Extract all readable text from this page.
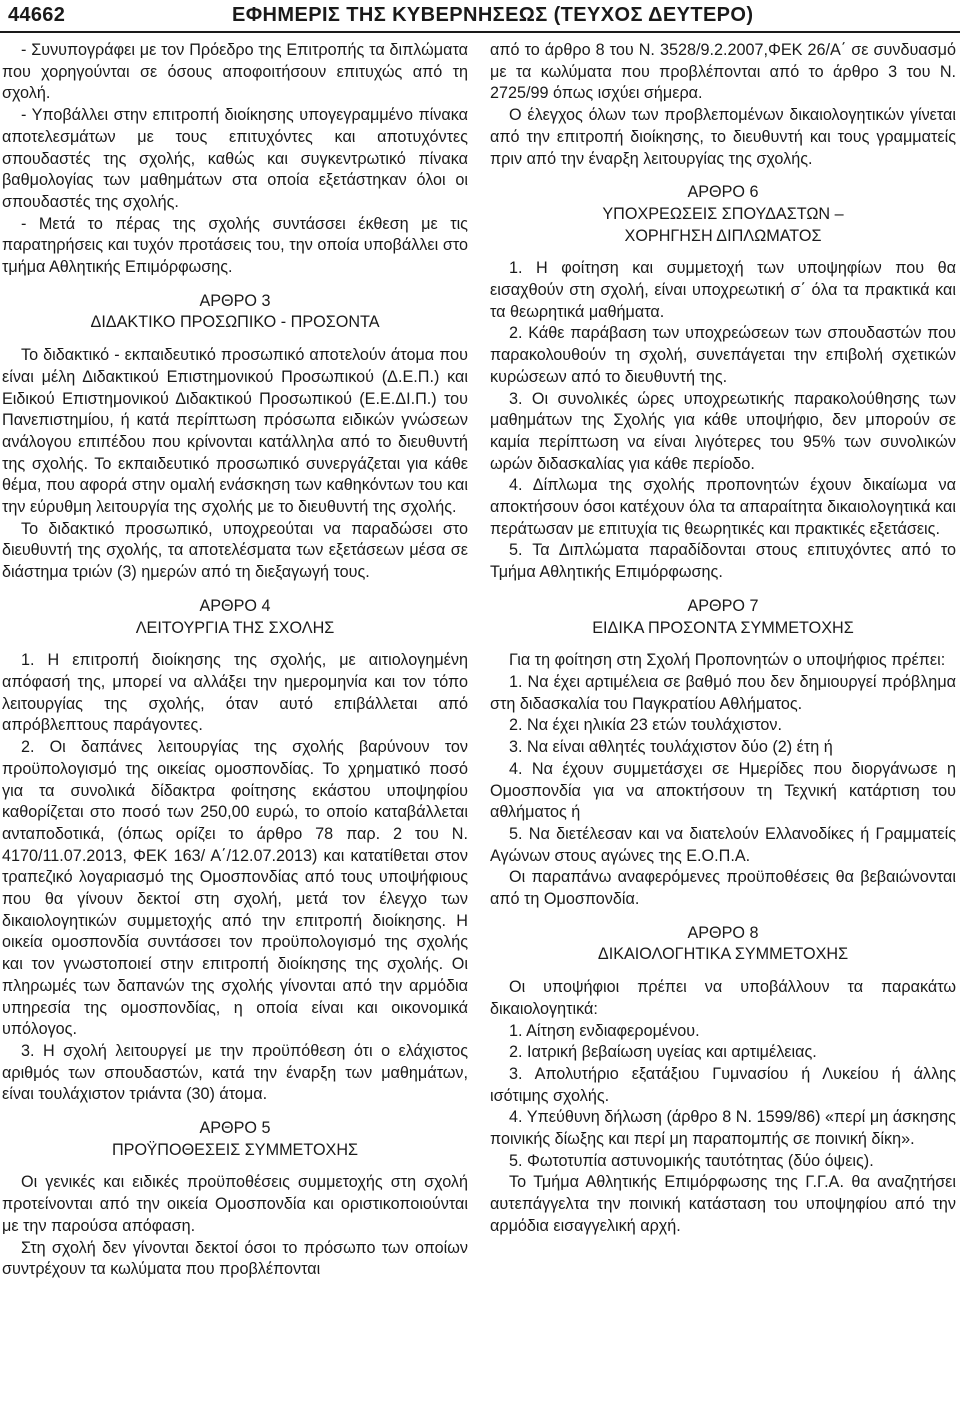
44662	ΕΦΗΜΕΡΙΣ ΤΗΣ ΚΥΒΕΡΝΗΣΕΩΣ (ΤΕΥΧΟΣ ΔΕΥΤΕΡΟ)

- Συνυπογράφει με τον Πρόεδρο της Επιτροπής τα διπλώματα που χορηγούνται σε όσους αποφοιτήσουν επιτυχώς από τη σχολή.

- Υποβάλλει στην επιτροπή διοίκησης υπογεγραμμένο πίνακα αποτελεσμάτων με τους επιτυχόντες και αποτυχόντες σπουδαστές της σχολής, καθώς και συγκεντρωτικό πίνακα βαθμολογίας των μαθημάτων στα οποία εξετάστηκαν όλοι οι σπουδαστές της σχολής.

- Μετά το πέρας της σχολής συντάσσει έκθεση με τις παρατηρήσεις και τυχόν προτάσεις του, την οποία υποβάλλει στο τμήμα Αθλητικής Επιμόρφωσης.

ΑΡΘΡΟ 3

ΔΙΔΑΚΤΙΚΟ ΠΡΟΣΩΠΙΚΟ - ΠΡΟΣΟΝΤΑ

Το διδακτικό - εκπαιδευτικό προσωπικό αποτελούν άτομα που είναι μέλη Διδακτικού Επιστημονικού Προσωπικού (Δ.Ε.Π.) και Ειδικού Επιστημονικού Διδακτικού Προσωπικού (Ε.Ε.ΔΙ.Π.) του Πανεπιστημίου, ή κατά περίπτωση πρόσωπα ειδικών γνώσεων ανάλογου επιπέδου που κρίνονται κατάλληλα από το διευθυντή της σχολής. Το εκπαιδευτικό προσωπικό συνεργάζεται για κάθε θέμα, που αφορά στην ομαλή ενάσκηση των καθηκόντων του και την εύρυθμη λειτουργία της σχολής με το διευθυντή της σχολής.

Το διδακτικό προσωπικό, υποχρεούται να παραδώσει στο διευθυντή της σχολής, τα αποτελέσματα των εξετάσεων μέσα σε διάστημα τριών (3) ημερών από τη διεξαγωγή τους.

ΑΡΘΡΟ 4

ΛΕΙΤΟΥΡΓΙΑ ΤΗΣ ΣΧΟΛΗΣ

1. Η επιτροπή διοίκησης της σχολής, με αιτιολογημένη απόφασή της, μπορεί να αλλάξει την ημερομηνία και τον τόπο λειτουργίας της σχολής, όταν αυτό επιβάλλεται από απρόβλεπτους παράγοντες.

2. Οι δαπάνες λειτουργίας της σχολής βαρύνουν τον προϋπολογισμό της οικείας ομοσπονδίας. Το χρηματικό ποσό για τα συνολικά δίδακτρα φοίτησης εκάστου υποψηφίου καθορίζεται στο ποσό των 250,00 ευρώ, το οποίο καταβάλλεται ανταποδοτικά, (όπως ορίζει το άρθρο 78 παρ. 2 του Ν. 4170/11.07.2013, ΦΕΚ 163/ Α΄/12.07.2013) και κατατίθεται στον τραπεζικό λογαριασμό της Ομοσπονδίας από τους υποψήφιους που θα γίνουν δεκτοί στη σχολή, μετά τον έλεγχο των δικαιολογητικών συμμετοχής από την επιτροπή διοίκησης. Η οικεία ομοσπονδία συντάσσει τον προϋπολογισμό της σχολής και τον γνωστοποιεί στην επιτροπή διοίκησης της σχολής. Οι πληρωμές των δαπανών της σχολής γίνονται από την αρμόδια υπηρεσία της ομοσπονδίας, η οποία είναι και οικονομικά υπόλογος.

3. Η σχολή λειτουργεί με την προϋπόθεση ότι ο ελάχιστος αριθμός των σπουδαστών, κατά την έναρξη των μαθημάτων, είναι τουλάχιστον τριάντα (30) άτομα.

ΑΡΘΡΟ 5

ΠΡΟΫΠΟΘΕΣΕΙΣ ΣΥΜΜΕΤΟΧΗΣ

Οι γενικές και ειδικές προϋποθέσεις συμμετοχής στη σχολή προτείνονται από την οικεία Ομοσπονδία και οριστικοποιούνται με την παρούσα απόφαση.

Στη σχολή δεν γίνονται δεκτοί όσοι το πρόσωπο των οποίων συντρέχουν τα κωλύματα που προβλέπονται

από το άρθρο 8 του Ν. 3528/9.2.2007,ΦΕΚ 26/Α΄ σε συνδυασμό με τα κωλύματα που προβλέπονται από το άρθρο 3 του Ν. 2725/99 όπως ισχύει σήμερα.

Ο έλεγχος όλων των προβλεπομένων δικαιολογητικών γίνεται από την επιτροπή διοίκησης, το διευθυντή και τους γραμματείς πριν από την έναρξη λειτουργίας της σχολής.

ΑΡΘΡΟ 6

ΥΠΟΧΡΕΩΣΕΙΣ ΣΠΟΥΔΑΣΤΩΝ –

ΧΟΡΗΓΗΣΗ ΔΙΠΛΩΜΑΤΟΣ

1. Η φοίτηση και συμμετοχή των υποψηφίων που θα εισαχθούν στη σχολή, είναι υποχρεωτική σ΄ όλα τα πρακτικά και τα θεωρητικά μαθήματα.

2. Κάθε παράβαση των υποχρεώσεων των σπουδαστών που παρακολουθούν τη σχολή, συνεπάγεται την επιβολή σχετικών κυρώσεων από το διευθυντή της.

3. Οι συνολικές ώρες υποχρεωτικής παρακολούθησης των μαθημάτων της Σχολής για κάθε υποψήφιο, δεν μπορούν σε καμία περίπτωση να είναι λιγότερες του 95% των συνολικών ωρών διδασκαλίας για κάθε περίοδο.

4. Δίπλωμα της σχολής προπονητών έχουν δικαίωμα να αποκτήσουν όσοι κατέχουν όλα τα απαραίτητα δικαιολογητικά και περάτωσαν με επιτυχία τις θεωρητικές και πρακτικές εξετάσεις.

5. Τα Διπλώματα παραδίδονται στους επιτυχόντες από το Τμήμα Αθλητικής Επιμόρφωσης.

ΑΡΘΡΟ 7

ΕΙΔΙΚΑ ΠΡΟΣΟΝΤΑ ΣΥΜΜΕΤΟΧΗΣ

Για τη φοίτηση στη Σχολή Προπονητών ο υποψήφιος πρέπει:

1. Να έχει αρτιμέλεια σε βαθμό που δεν δημιουργεί πρόβλημα στη διδασκαλία του Παγκρατίου Αθλήματος.

2. Να έχει ηλικία 23 ετών τουλάχιστον.

3. Να είναι αθλητές τουλάχιστον δύο (2) έτη ή

4. Να έχουν συμμετάσχει σε Ημερίδες που διοργάνωσε η Ομοσπονδία για να αποκτήσουν τη Τεχνική κατάρτιση του αθλήματος ή

5. Να διετέλεσαν και να διατελούν Ελλανοδίκες ή Γραμματείς Αγώνων στους αγώνες της Ε.Ο.Π.Α.

Οι παραπάνω αναφερόμενες προϋποθέσεις θα βεβαιώνονται από τη Ομοσπονδία.

ΑΡΘΡΟ 8

ΔΙΚΑΙΟΛΟΓΗΤΙΚΑ ΣΥΜΜΕΤΟΧΗΣ

Οι υποψήφιοι πρέπει να υποβάλλουν τα παρακάτω δικαιολογητικά:

1. Αίτηση ενδιαφερομένου.

2. Ιατρική βεβαίωση υγείας και αρτιμέλειας.

3. Απολυτήριο εξατάξιου Γυμνασίου ή Λυκείου ή άλλης ισότιμης σχολής.

4. Υπεύθυνη δήλωση (άρθρο 8 Ν. 1599/86) «περί μη άσκησης ποινικής δίωξης και περί μη παραπομπής σε ποινική δίκη».

5. Φωτοτυπία αστυνομικής ταυτότητας (δύο όψεις).

Το Τμήμα Αθλητικής Επιμόρφωσης της Γ.Γ.Α. θα αναζητήσει αυτεπάγγελτα την ποινική κατάσταση του υποψηφίου από την αρμόδια εισαγγελική αρχή.
